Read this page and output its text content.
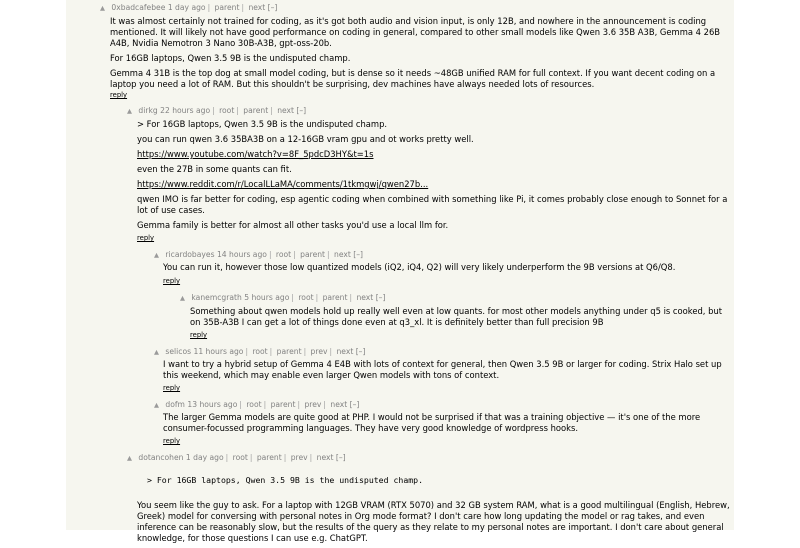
▲ 0xbadcafebee 1 day ago | parent | next [–]

It was almost certainly not trained for coding, as it's got both audio and vision input, is only 12B, and nowhere in the announcement is coding mentioned. It will likely not have good performance on coding in general, compared to other small models like Qwen 3.6 35B A3B, Gemma 4 26B A4B, Nvidia Nemotron 3 Nano 30B-A3B, gpt-oss-20b.

For 16GB laptops, Qwen 3.5 9B is the undisputed champ.

Gemma 4 31B is the top dog at small model coding, but is dense so it needs ~48GB unified RAM for full context. If you want decent coding on a laptop you need a lot of RAM. But this shouldn't be surprising, dev machines have always needed lots of resources.

reply
▲ dirkg 22 hours ago | root | parent | next [–]

> For 16GB laptops, Qwen 3.5 9B is the undisputed champ.

you can run qwen 3.6 35BA3B on a 12-16GB vram gpu and ot works pretty well.

https://www.youtube.com/watch?v=8F_5pdcD3HY&t=1s

even the 27B in some quants can fit.

https://www.reddit.com/r/LocalLLaMA/comments/1tkmgwj/qwen27b...

qwen IMO is far better for coding, esp agentic coding when combined with something like Pi, it comes probably close enough to Sonnet for a lot of use cases.

Gemma family is better for almost all other tasks you'd use a local llm for.

reply
▲ ricardobayes 14 hours ago | root | parent | next [–]

You can run it, however those low quantized models (iQ2, iQ4, Q2) will very likely underperform the 9B versions at Q6/Q8.

reply
▲ kanemcgrath 5 hours ago | root | parent | next [–]

Something about qwen models hold up really well even at low quants. for most other models anything under q5 is cooked, but on 35B-A3B I can get a lot of things done even at q3_xl. It is definitely better than full precision 9B

reply
▲ selicos 11 hours ago | root | parent | prev | next [–]

I want to try a hybrid setup of Gemma 4 E4B with lots of context for general, then Qwen 3.5 9B or larger for coding. Strix Halo set up this weekend, which may enable even larger Qwen models with tons of context.

reply
▲ dofm 13 hours ago | root | parent | prev | next [–]

The larger Gemma models are quite good at PHP. I would not be surprised if that was a training objective — it's one of the more consumer-focussed programming languages. They have very good knowledge of wordpress hooks.

reply
▲ dotancohen 1 day ago | root | parent | prev | next [–]

> For 16GB laptops, Qwen 3.5 9B is the undisputed champ.

You seem like the guy to ask. For a laptop with 12GB VRAM (RTX 5070) and 32 GB system RAM, what is a good multilingual (English, Hebrew, Greek) model for conversing with personal notes in Org mode format? I don't care how long updating the model or rag takes, and even inference can be reasonably slow, but the results of the query as they relate to my personal notes are important. I don't care about general knowledge, for those questions I can use e.g. ChatGPT.
